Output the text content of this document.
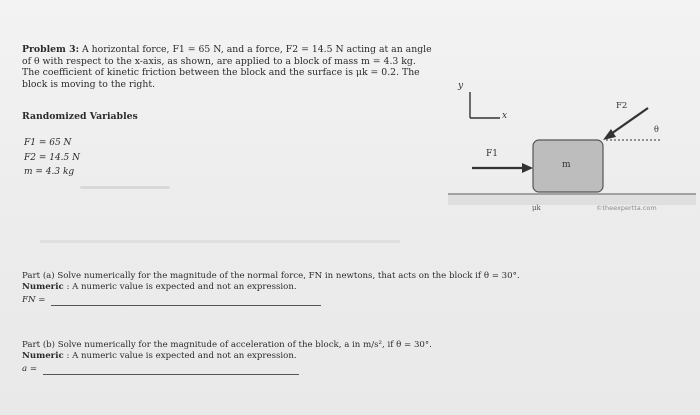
Problem 3: A horizontal force, F1 = 65 N, and a force, F2 = 14.5 N acting at an angle of θ with respect to the x-axis, as shown, are applied to a block of mass m = 4.3 kg. The coefficient of kinetic friction between the block and the surface is μk = 0.2. The block is moving to the right.
Randomized Variables
F1 = 65 N
F2 = 14.5 N
m = 4.3 kg
y
x
F1
m
F2
θ
μk	©theexpertta.com
Part (a) Solve numerically for the magnitude of the normal force, FN in newtons, that acts on the block if θ = 30°.
Numeric : A numeric value is expected and not an expression.
FN =
Part (b) Solve numerically for the magnitude of acceleration of the block, a in m/s², if θ = 30°.
Numeric : A numeric value is expected and not an expression.
a =
